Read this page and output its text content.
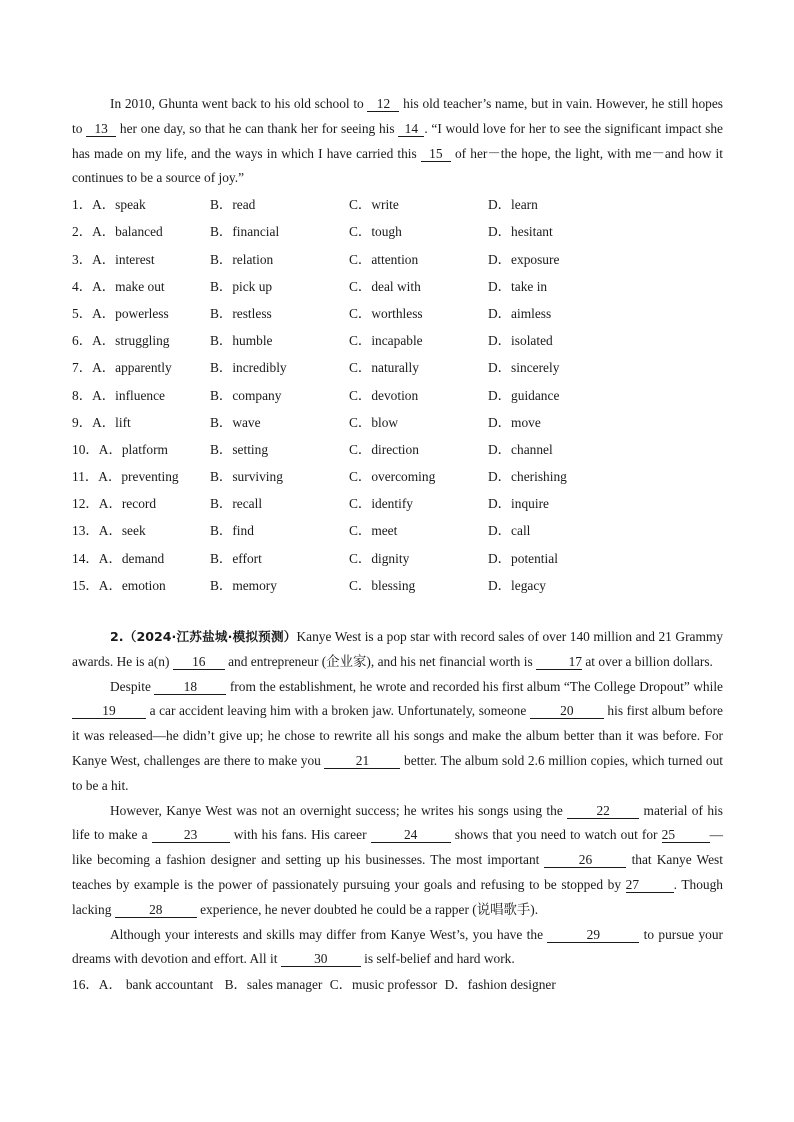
In 2010, Ghunta went back to his old school to 12 his old teacher’s name, but in vain. However, he still hopes to 13 her one day, so that he can thank her for seeing his 14 . “I would love for her to see the significant impact she has made on my life, and the ways in which I have carried this 15 of her－the hope, the light, with me－and how it continues to be a source of joy.”

1．A．speak	B．read	C．write	D．learn
2．A．balanced	B．financial	C．tough	D．hesitant
3．A．interest	B．relation	C．attention	D．exposure
4．A．make out	B．pick up	C．deal with	D．take in
5．A．powerless	B．restless	C．worthless	D．aimless
6．A．struggling	B．humble	C．incapable	D．isolated
7．A．apparently	B．incredibly	C．naturally	D．sincerely
8．A．influence	B．company	C．devotion	D．guidance
9．A．lift	B．wave	C．blow	D．move
10．A．platform	B．setting	C．direction	D．channel
11．A．preventing B．surviving	C．overcoming	D．cherishing
12．A．record	B．recall	C．identify	D．inquire
13．A．seek	B．find	C．meet	D．call
14．A．demand	B．effort	C．dignity	D．potential
15．A．emotion	B．memory	C．blessing	D．legacy

2.（2024·江苏盐城·模拟预测）Kanye West is a pop star with record sales of over 140 million and 21 Grammy awards. He is a(n) 16 and entrepreneur (企业家), and his net financial worth is 17 at over a billion dollars.

Despite 18 from the establishment, he wrote and recorded his first album “The College Dropout” while 19 a car accident leaving him with a broken jaw. Unfortunately, someone 20 his first album before it was released—he didn’t give up; he chose to rewrite all his songs and make the album better than it was before. For Kanye West, challenges are there to make you 21 better. The album sold 2.6 million copies, which turned out to be a hit.

However, Kanye West was not an overnight success; he writes his songs using the 22 material of his life to make a 23 with his fans. His career 24 shows that you need to watch out for 25	—like becoming a fashion designer and setting up his businesses. The most important	26	that Kanye West teaches by example is the power of passionately pursuing your goals and refusing to be stopped by 27	. Though lacking	28	experience, he never doubted he could be a rapper (说唱歌手).

Although your interests and skills may differ from Kanye West’s, you have the	29	to pursue your dreams with devotion and effort. All it 30 is self-belief and hard work.

16．A． bank accountant B．sales manager C．music professor D．fashion designer
